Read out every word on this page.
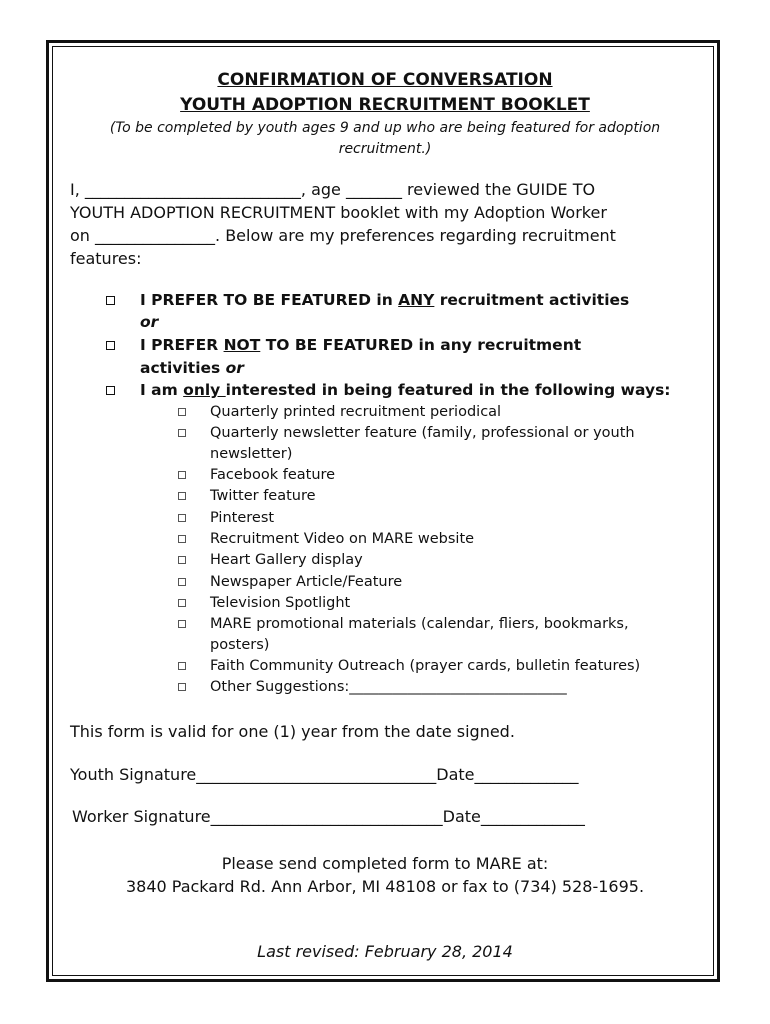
CONFIRMATION OF CONVERSATION
YOUTH ADOPTION RECRUITMENT BOOKLET
(To be completed by youth ages 9 and up who are being featured for adoption
recruitment.)
I, ___________________________, age _______ reviewed the GUIDE TO
YOUTH ADOPTION RECRUITMENT booklet with my Adoption Worker
on _______________. Below are my preferences regarding recruitment
features:
I PREFER TO BE FEATURED in ANY recruitment activities
or
I PREFER NOT TO BE FEATURED in any recruitment
activities or
I am only interested in being featured in the following ways:
Quarterly printed recruitment periodical
Quarterly newsletter feature (family, professional or youth
newsletter)
Facebook feature
Twitter feature
Pinterest
Recruitment Video on MARE website
Heart Gallery display
Newspaper Article/Feature
Television Spotlight
MARE promotional materials (calendar, fliers, bookmarks,
posters)
Faith Community Outreach (prayer cards, bulletin features)
Other Suggestions:______________________________
This form is valid for one (1) year from the date signed.
Youth Signature______________________________Date_____________
Worker Signature_____________________________Date_____________
Please send completed form to MARE at:
3840 Packard Rd. Ann Arbor, MI 48108 or fax to (734) 528-1695.
Last revised: February 28, 2014
